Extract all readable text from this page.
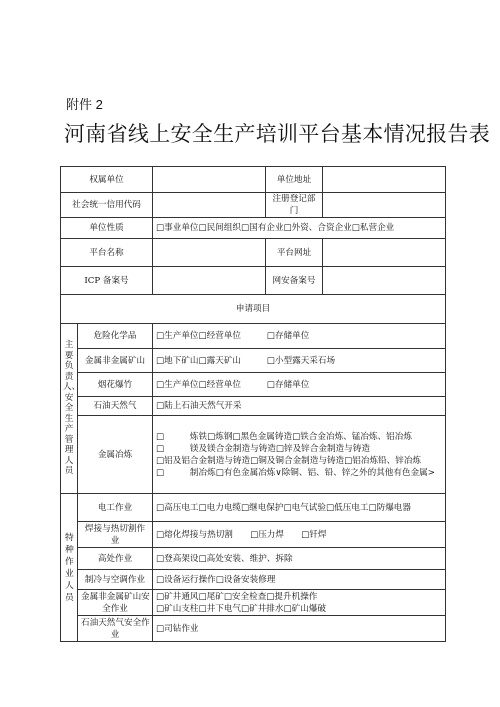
附件 2
河南省线上安全生产培训平台基本情况报告表
权属单位			单位地址	
社会统一信用代码			注册登记部门	
单位性质		□事业单位□民间组织□国有企业□外资、合资企业□私营企业		
平台名称			平台网址	
ICP 备案号			网安备案号	
申请项目				
主要负责人、安全生产管理人员	危险化学品	□生产单位□经营单位　　　□存储单位		
	金属非金属矿山	□地下矿山□露天矿山　　　□小型露天采石场		
	烟花爆竹	□生产单位□经营单位　　　□存储单位		
	石油天然气	□陆上石油天然气开采		
	金属冶炼	□　　　炼铁□炼钢□黑色金属铸造□铁合金冶炼、锰冶炼、铝冶炼
□　　　镁及镁合金制造与铸造□锌及锌合金制造与铸造
□铝及铝合金制造与铸造□铜及铜合金制造与铸造□铝冶炼铅、锌冶炼
□　　　制冶炼□有色金属冶炼∨除铜、铝、铅、锌之外的其他有色金属>		

特种作业人员	电工作业	□高压电工□电力电缆□继电保护□电气试验□低压电工□防爆电器		
	焊接与热切割作业	□熔化焊接与热切割　　□压力焊　　□钎焊		
	高处作业	□登高架设□高处安装、维护、拆除		
	制冷与空调作业	□设备运行操作□设备安装修理		

	金属非金属矿山安
全作业	□矿井通风□尾矿□安全检查□提升机操作
□矿山支柱□井下电气□矿井排水□矿山爆破		

	石油天然气安全作
业	□司钻作业		
